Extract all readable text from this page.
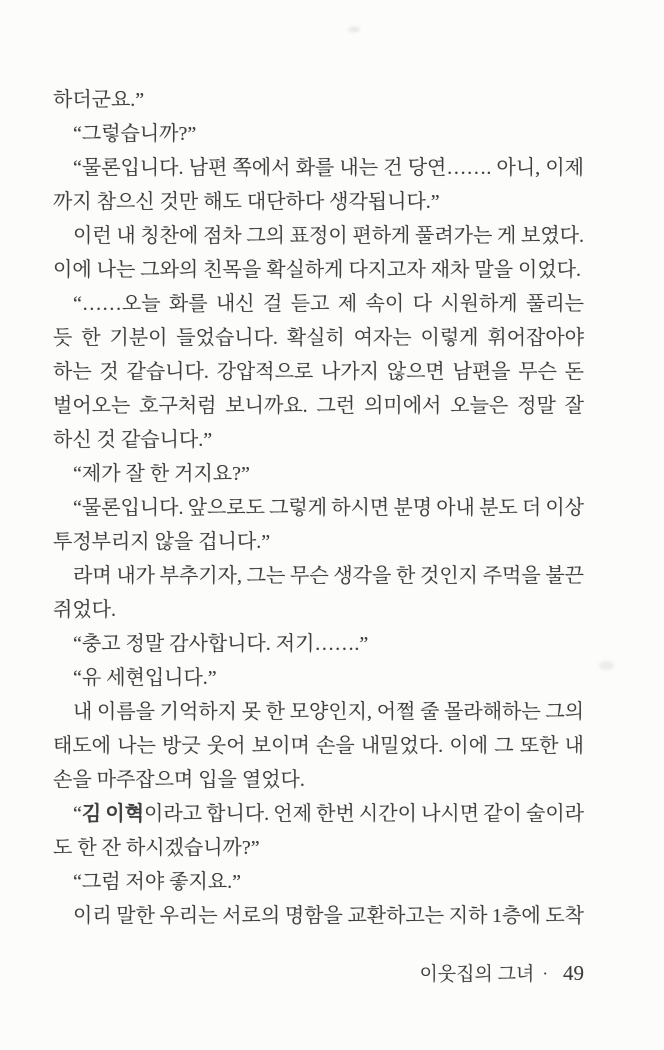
하더군요.”
“그렇습니까?”
“물론입니다. 남편 쪽에서 화를 내는 건 당연……. 아니, 이제
까지 참으신 것만 해도 대단하다 생각됩니다.”
이런 내 칭찬에 점차 그의 표정이 편하게 풀려가는 게 보였다.
이에 나는 그와의 친목을 확실하게 다지고자 재차 말을 이었다.
“……오늘 화를 내신 걸 듣고 제 속이 다 시원하게 풀리는
듯 한 기분이 들었습니다. 확실히 여자는 이렇게 휘어잡아야
하는 것 같습니다. 강압적으로 나가지 않으면 남편을 무슨 돈
벌어오는 호구처럼 보니까요. 그런 의미에서 오늘은 정말 잘
하신 것 같습니다.”
“제가 잘 한 거지요?”
“물론입니다. 앞으로도 그렇게 하시면 분명 아내 분도 더 이상
투정부리지 않을 겁니다.”
라며 내가 부추기자, 그는 무슨 생각을 한 것인지 주먹을 불끈
쥐었다.
“충고 정말 감사합니다. 저기…….”
“유 세현입니다.”
내 이름을 기억하지 못 한 모양인지, 어쩔 줄 몰라해하는 그의
태도에 나는 방긋 웃어 보이며 손을 내밀었다. 이에 그 또한 내
손을 마주잡으며 입을 열었다.
“김 이혁이라고 합니다. 언제 한번 시간이 나시면 같이 술이라
도 한 잔 하시겠습니까?”
“그럼 저야 좋지요.”
이리 말한 우리는 서로의 명함을 교환하고는 지하 1층에 도착
이웃집의 그녀 · 49
